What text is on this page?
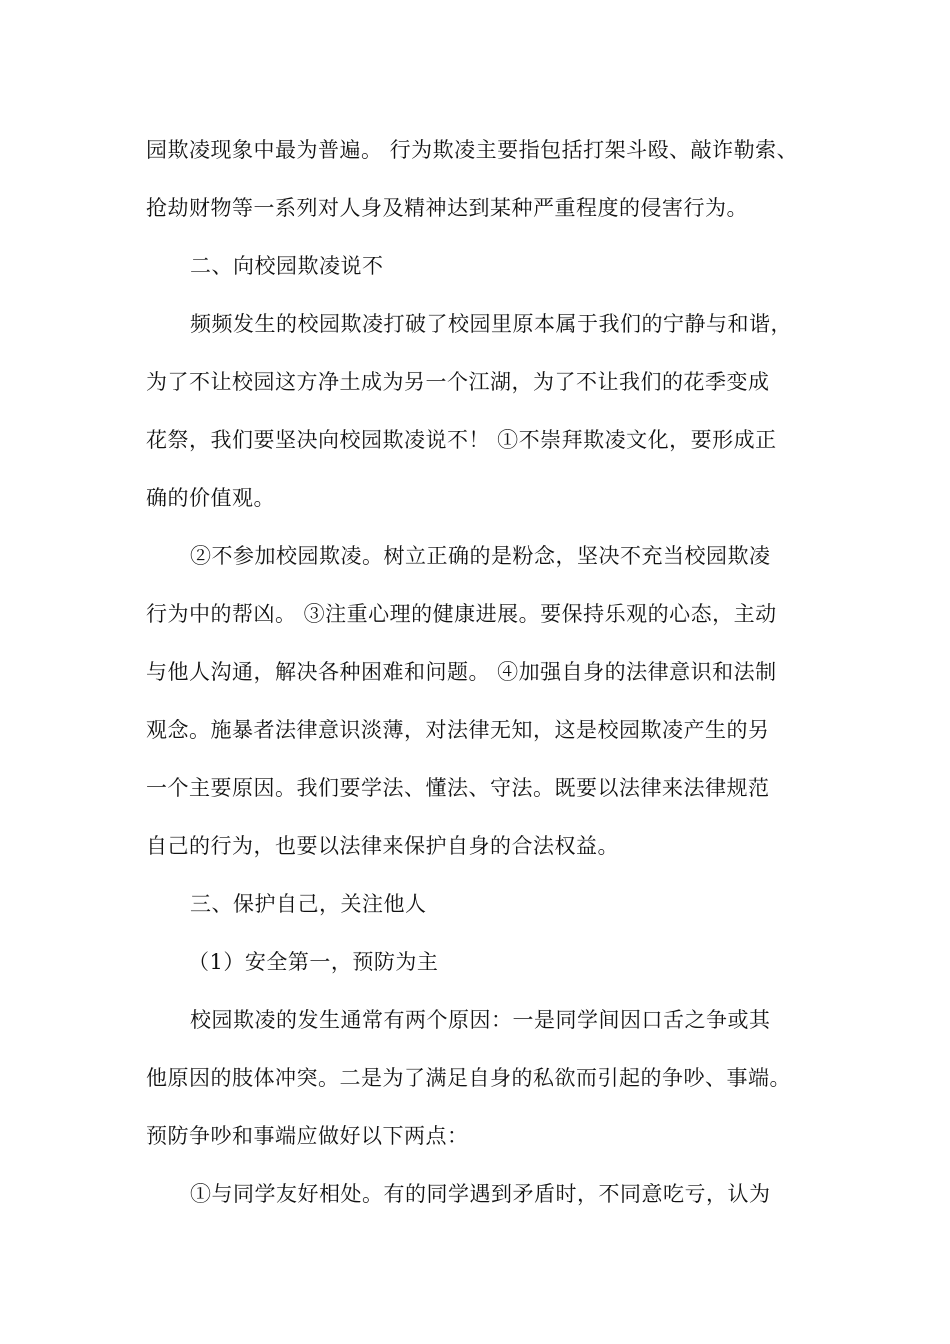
园欺凌现象中最为普遍。 行为欺凌主要指包括打架斗殴、敲诈勒索、
抢劫财物等一系列对人身及精神达到某种严重程度的侵害行为。
二、向校园欺凌说不
频频发生的校园欺凌打破了校园里原本属于我们的宁静与和谐，
为了不让校园这方净土成为另一个江湖，为了不让我们的花季变成
花祭，我们要坚决向校园欺凌说不！ ①不崇拜欺凌文化，要形成正
确的价值观。
②不参加校园欺凌。树立正确的是粉念，坚决不充当校园欺凌
行为中的帮凶。 ③注重心理的健康进展。要保持乐观的心态，主动
与他人沟通，解决各种困难和问题。 ④加强自身的法律意识和法制
观念。施暴者法律意识淡薄，对法律无知，这是校园欺凌产生的另
一个主要原因。我们要学法、懂法、守法。既要以法律来法律规范
自己的行为，也要以法律来保护自身的合法权益。
三、保护自己，关注他人
（1）安全第一，预防为主
校园欺凌的发生通常有两个原因：一是同学间因口舌之争或其
他原因的肢体冲突。二是为了满足自身的私欲而引起的争吵、事端。
预防争吵和事端应做好以下两点：
①与同学友好相处。有的同学遇到矛盾时，不同意吃亏，认为
